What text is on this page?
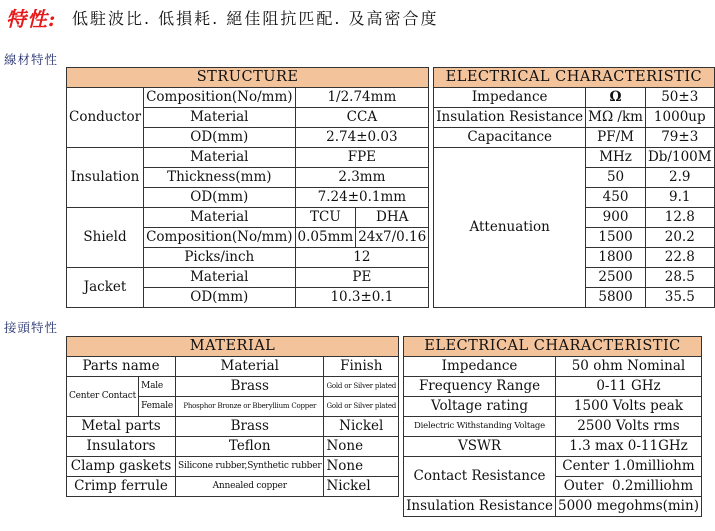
特性: 低駐波比. 低損耗. 絕佳阻抗匹配. 及高密合度
線材特性
STRUCTURE					ELECTRICAL CHARACTERISTIC		
Conductor	Composition(No/mm)	1/2.74mm			Impedance	Ω	50±3
	Material	CCA			Insulation Resistance	MΩ /km	1000up
	OD(mm)	2.74±0.03			Capacitance	PF/M	79±3
Insulation	Material	FPE			Attenuation	MHz	Db/100M
	Thickness(mm)	2.3mm				50	2.9
	OD(mm)	7.24±0.1mm				450	9.1
Shield	Material	TCU	DHA			900	12.8
	Composition(No/mm)	0.05mm	24x7/0.16			1500	20.2
	Picks/inch	12				1800	22.8
Jacket	Material	PE				2500	28.5
	OD(mm)	10.3±0.1				5800	35.5
接頭特性
MATERIAL					ELECTRICAL CHARACTERISTIC	
Parts name		Material	Finish		Impedance	50 ohm Nominal
Center Contact	Male	Brass	Gold or Silver plated		Frequency Range	0-11 GHz
	Female	Phosphor Bronze or Bberyllium Copper	Gold or Silver plated		Voltage rating	1500 Volts peak
Metal parts		Brass	Nickel		Dielectric Withstanding Voltage	2500 Volts rms
Insulators		Teflon	None		VSWR	1.3 max 0-11GHz
Clamp gaskets		Silicone rubber,Synthetic rubber	None		Contact Resistance	Center 1.0milliohm
Crimp ferrule		Annealed copper	Nickel			Outer  0.2milliohm
					Insulation Resistance	5000 megohms(min)
